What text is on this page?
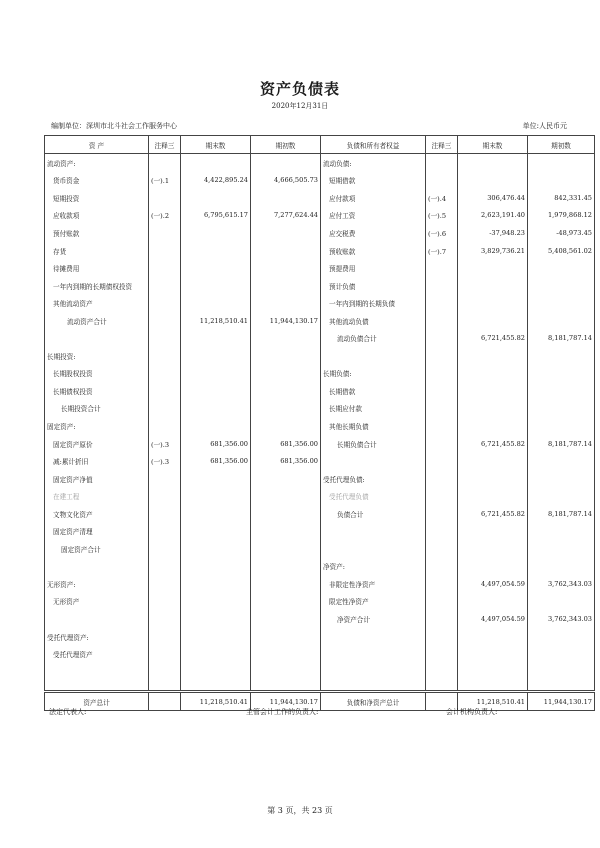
资产负债表
2020年12月31日
编制单位：深圳市北斗社会工作服务中心	单位:人民币元
资 产	注释三	期末数	期初数	负债和所有者权益	注释三	期末数	期初数
流动资产:				流动负债:			
货币资金	(一).1	4,422,895.24	4,666,505.73	短期借款			
短期投资				应付款项	(一).4	306,476.44	842,331.45
应收款项	(一).2	6,795,615.17	7,277,624.44	应付工资	(一).5	2,623,191.40	1,979,868.12
预付账款				应交税费	(一).6	-37,948.23	-48,973.45
存货				预收账款	(一).7	3,829,736.21	5,408,561.02
待摊费用				预提费用			
一年内到期的长期债权投资				预计负债			
其他流动资产				一年内到期的长期负债			
流动资产合计		11,218,510.41	11,944,130.17	其他流动负债			
				流动负债合计		6,721,455.82	8,181,787.14
长期投资:							
长期股权投资				长期负债:			
长期债权投资				长期借款			
长期投资合计				长期应付款			
固定资产:				其他长期负债			
固定资产原价	(一).3	681,356.00	681,356.00	长期负债合计		6,721,455.82	8,181,787.14
减:累计折旧	(一).3	681,356.00	681,356.00				
固定资产净值				受托代理负债:			
在建工程				受托代理负债			
文物文化资产				负债合计		6,721,455.82	8,181,787.14
固定资产清理							
固定资产合计							
				净资产:			
无形资产:				非限定性净资产		4,497,054.59	3,762,343.03
无形资产				限定性净资产			
				净资产合计		4,497,054.59	3,762,343.03
受托代理资产:							
受托代理资产							

资产总计		11,218,510.41	11,944,130.17	负债和净资产总计		11,218,510.41	11,944,130.17
法定代表人:	主管会计工作的负责人:	会计机构负责人:
第 3 页，共 23 页
